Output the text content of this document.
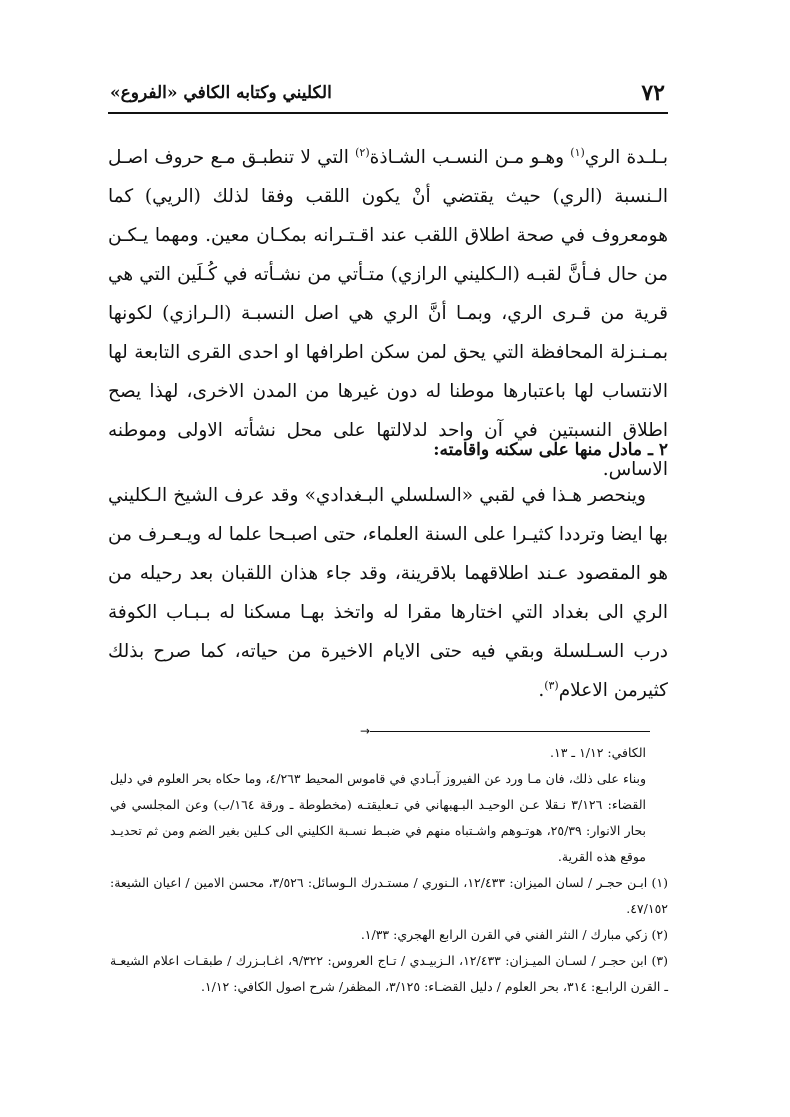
٧٢
الكليني وكتابه الكافي «الفروع»

بـلـدة الري$^{(١)}$ وهـو مـن النسـب الشـاذة$^{(٢)}$ التي لا تنطبـق مـع حروف اصـل الـنسبة (الري) حيث يقتضي أنْ يكون اللقب وفقا لذلك (الريي) كما هومعروف في صحة اطلاق اللقب عند اقـتـرانه بمكـان معين. ومهما يـكـن من حال فـأنَّ لقبـه (الـكليني الرازي) متـأتي من نشـأته في كُـلَين التي هي قرية من قـرى الري، وبمـا أنَّ الري هي اصل النسبـة (الـرازي) لكونها بمـنـزلة المحافظة التي يحق لمن سكن اطرافها او احدى القرى التابعة لها الانتساب لها باعتبارها موطنا له دون غيرها من المدن الاخرى، لهذا يصح اطلاق النسبتين في آن واحد لدلالتها على محل نشأته الاولى وموطنه الاساس.

٢ ـ مادل منها على سكنه واقامته:

وينحصر هـذا في لقبي «السلسلي البـغدادي» وقد عرف الشيخ الـكليني بها ايضا وترددا كثيـرا على السنة العلماء، حتى اصبـحا علما له ويـعـرف من هو المقصود عـند اطلاقهما بلاقرينة، وقد جاء هذان اللقبان بعد رحيله من الري الى بغداد التي اختارها مقرا له واتخذ بهـا مسكنا له بـبـاب الكوفة درب السـلسلة وبقي فيه حتى الايام الاخيرة من حياته، كما صرح بذلك كثيرمن الاعلام$^{(٣)}$.

→

الكافي: ١/١٢ ـ ١٣.

وبناء على ذلك، فان مـا ورد عن الفيروز آبـادي في قاموس المحيط ٤/٢٦٣، وما حكاه بحر العلوم في دليل القضاء: ٣/١٢٦ نـقلا عـن الوحيـد البـهبهاني في تـعليقتـه (مخطوطة ـ ورقة ١٦٤/ب) وعن المجلسي في بحار الانوار: ٢٥/٣٩، هوتـوهم واشـتباه منهم في ضبـط نسـبة الكليني الى كـلين بغير الضم ومن ثم تحديـد موقع هذه القرية.

(١) ابـن حجـر / لسان الميزان: ١٢/٤٣٣، الـنوري / مستـدرك الـوسائل: ٣/٥٢٦، محسن الامين / اعيان الشيعة: ٤٧/١٥٢.

(٢) زكي مبارك / النثر الفني في القرن الرابع الهجري: ١/٣٣.

(٣) ابن حجـر / لسـان الميـزان: ١٢/٤٣٣، الـزبيـدي / تـاج العروس: ٩/٣٢٢، اغـابـزرك / طبقـات اعلام الشيعـة ـ القرن الرابـع: ٣١٤، بحر العلوم / دليل القضـاء: ٣/١٢٥، المظفر/ شرح اصول الكافي: ١/١٢.
